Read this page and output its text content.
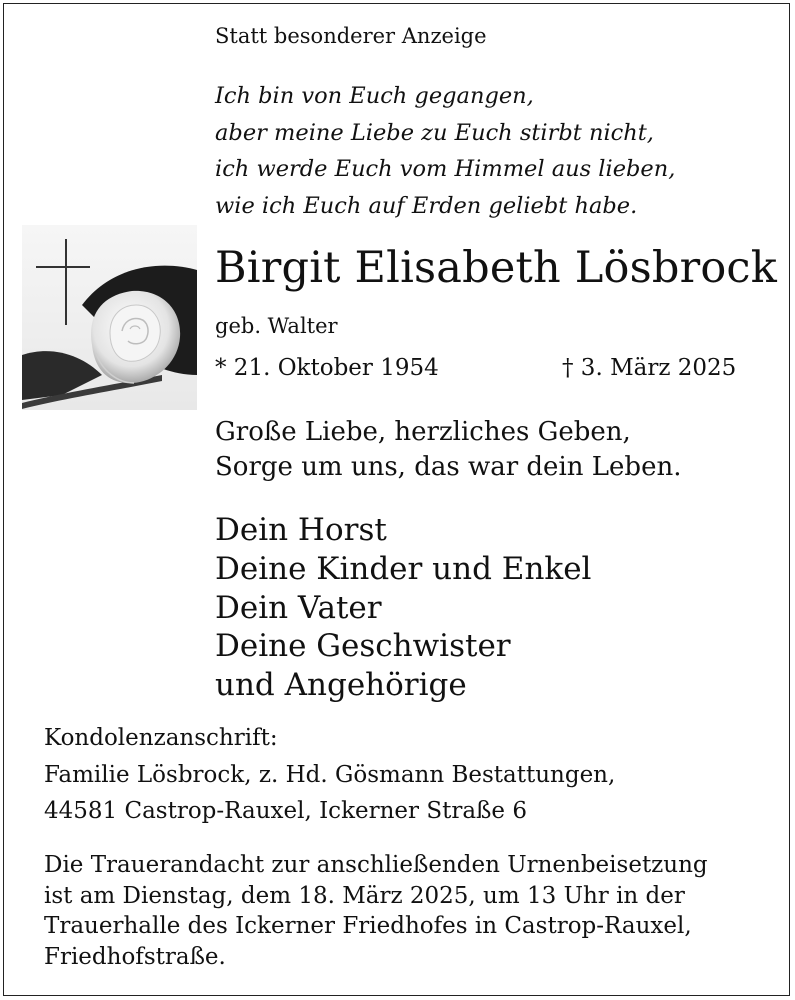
Statt besonderer Anzeige
Ich bin von Euch gegangen,
aber meine Liebe zu Euch stirbt nicht,
ich werde Euch vom Himmel aus lieben,
wie ich Euch auf Erden geliebt habe.
Birgit Elisabeth Lösbrock
geb. Walter
* 21. Oktober 1954	† 3. März 2025
Große Liebe, herzliches Geben,
Sorge um uns, das war dein Leben.
Dein Horst
Deine Kinder und Enkel
Dein Vater
Deine Geschwister
und Angehörige
Kondolenzanschrift:
Familie Lösbrock, z. Hd. Gösmann Bestattungen,
44581 Castrop-Rauxel, Ickerner Straße 6
Die Trauerandacht zur anschließenden Urnenbeisetzung
ist am Dienstag, dem 18. März 2025, um 13 Uhr in der
Trauerhalle des Ickerner Friedhofes in Castrop-Rauxel,
Friedhofstraße.
